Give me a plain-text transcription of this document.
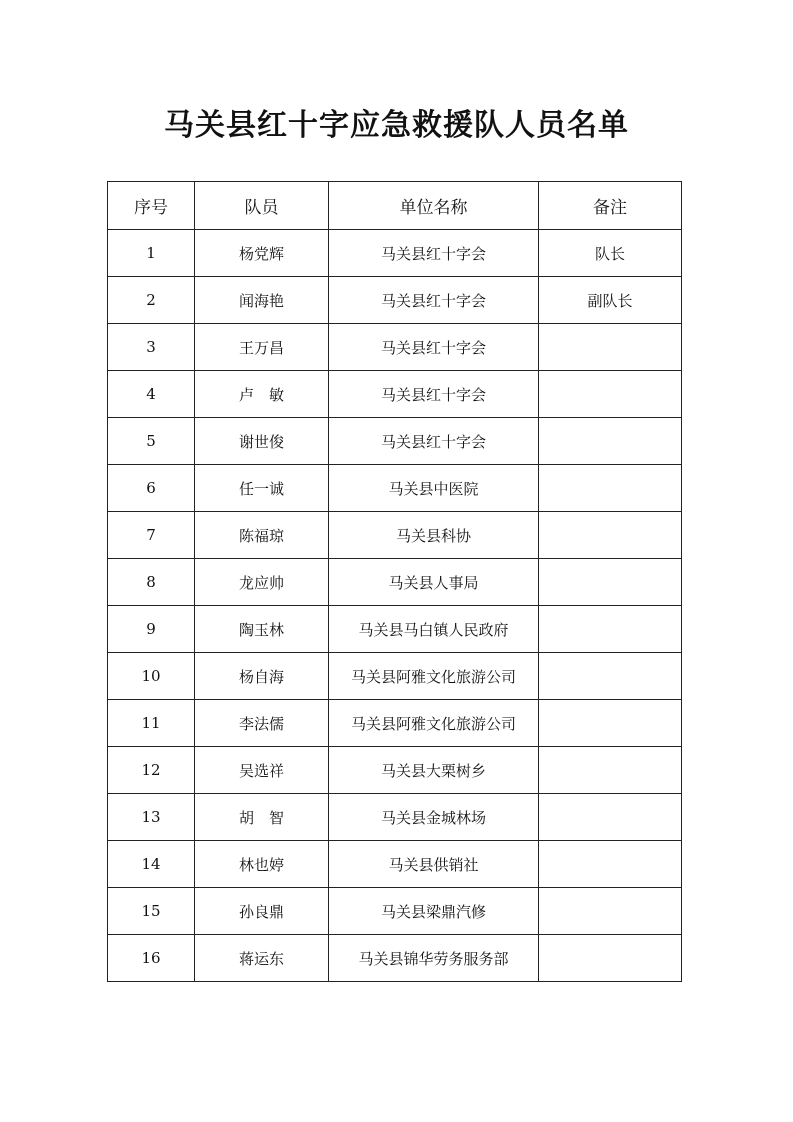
马关县红十字应急救援队人员名单
序号	队员	单位名称	备注
1	杨党辉	马关县红十字会	队长
2	闻海艳	马关县红十字会	副队长
3	王万昌	马关县红十字会	
4	卢　敏	马关县红十字会	
5	谢世俊	马关县红十字会	
6	任一诚	马关县中医院	
7	陈福琼	马关县科协	
8	龙应帅	马关县人事局	
9	陶玉林	马关县马白镇人民政府	
10	杨自海	马关县阿雅文化旅游公司	
11	李法儒	马关县阿雅文化旅游公司	
12	吴选祥	马关县大栗树乡	
13	胡　智	马关县金城林场	
14	林也婷	马关县供销社	
15	孙良鼎	马关县梁鼎汽修	
16	蒋运东	马关县锦华劳务服务部	
